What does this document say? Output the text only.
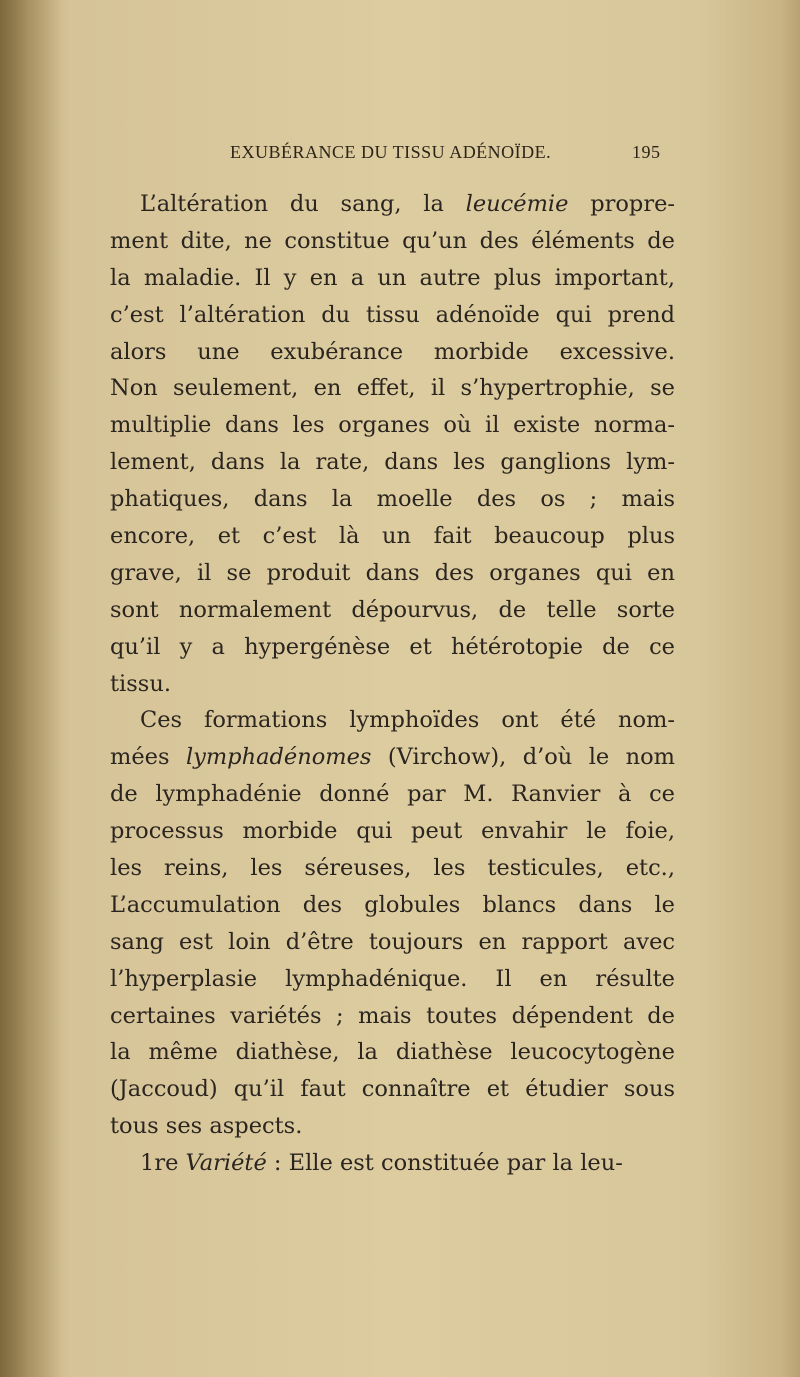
EXUBÉRANCE DU TISSU ADÉNOÏDE.	195
L’altération du sang, la leucémie propre-
ment dite, ne constitue qu’un des éléments de
la maladie. Il y en a un autre plus important,
c’est l’altération du tissu adénoïde qui prend
alors une exubérance morbide excessive.
Non seulement, en effet, il s’hypertrophie, se
multiplie dans les organes où il existe norma-
lement, dans la rate, dans les ganglions lym-
phatiques, dans la moelle des os ; mais
encore, et c’est là un fait beaucoup plus
grave, il se produit dans des organes qui en
sont normalement dépourvus, de telle sorte
qu’il y a hypergénèse et hétérotopie de ce
tissu.
Ces formations lymphoïdes ont été nom-
mées lymphadénomes (Virchow), d’où le nom
de lymphadénie donné par M. Ranvier à ce
processus morbide qui peut envahir le foie,
les reins, les séreuses, les testicules, etc.,
L’accumulation des globules blancs dans le
sang est loin d’être toujours en rapport avec
l’hyperplasie lymphadénique. Il en résulte
certaines variétés ; mais toutes dépendent de
la même diathèse, la diathèse leucocytogène
(Jaccoud) qu’il faut connaître et étudier sous
tous ses aspects.
1re Variété : Elle est constituée par la leu-
